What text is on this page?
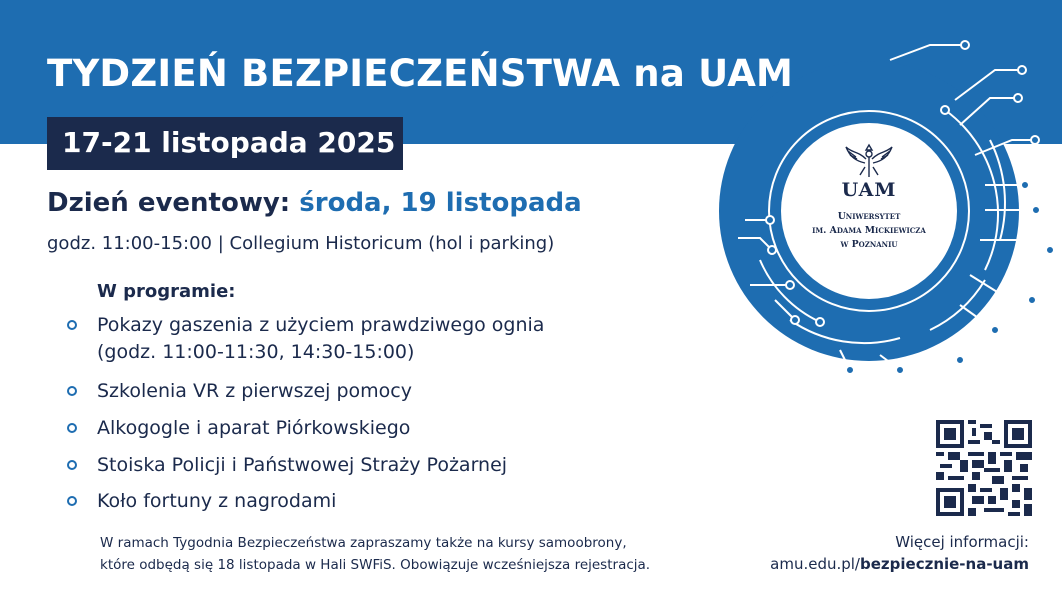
TYDZIEŃ BEZPIECZEŃSTWA na UAM
17-21 listopada 2025
UAM
Uniwersytet
im. Adama Mickiewicza
w Poznaniu
Dzień eventowy: środa, 19 listopada
godz. 11:00-15:00 | Collegium Historicum (hol i parking)
W programie:
Pokazy gaszenia z użyciem prawdziwego ognia
(godz. 11:00-11:30, 14:30-15:00)
Szkolenia VR z pierwszej pomocy
Alkogogle i aparat Piórkowskiego
Stoiska Policji i Państwowej Straży Pożarnej
Koło fortuny z nagrodami
W ramach Tygodnia Bezpieczeństwa zapraszamy także na kursy samoobrony,
które odbędą się 18 listopada w Hali SWFiS. Obowiązuje wcześniejsza rejestracja.
Więcej informacji:
amu.edu.pl/bezpiecznie-na-uam
